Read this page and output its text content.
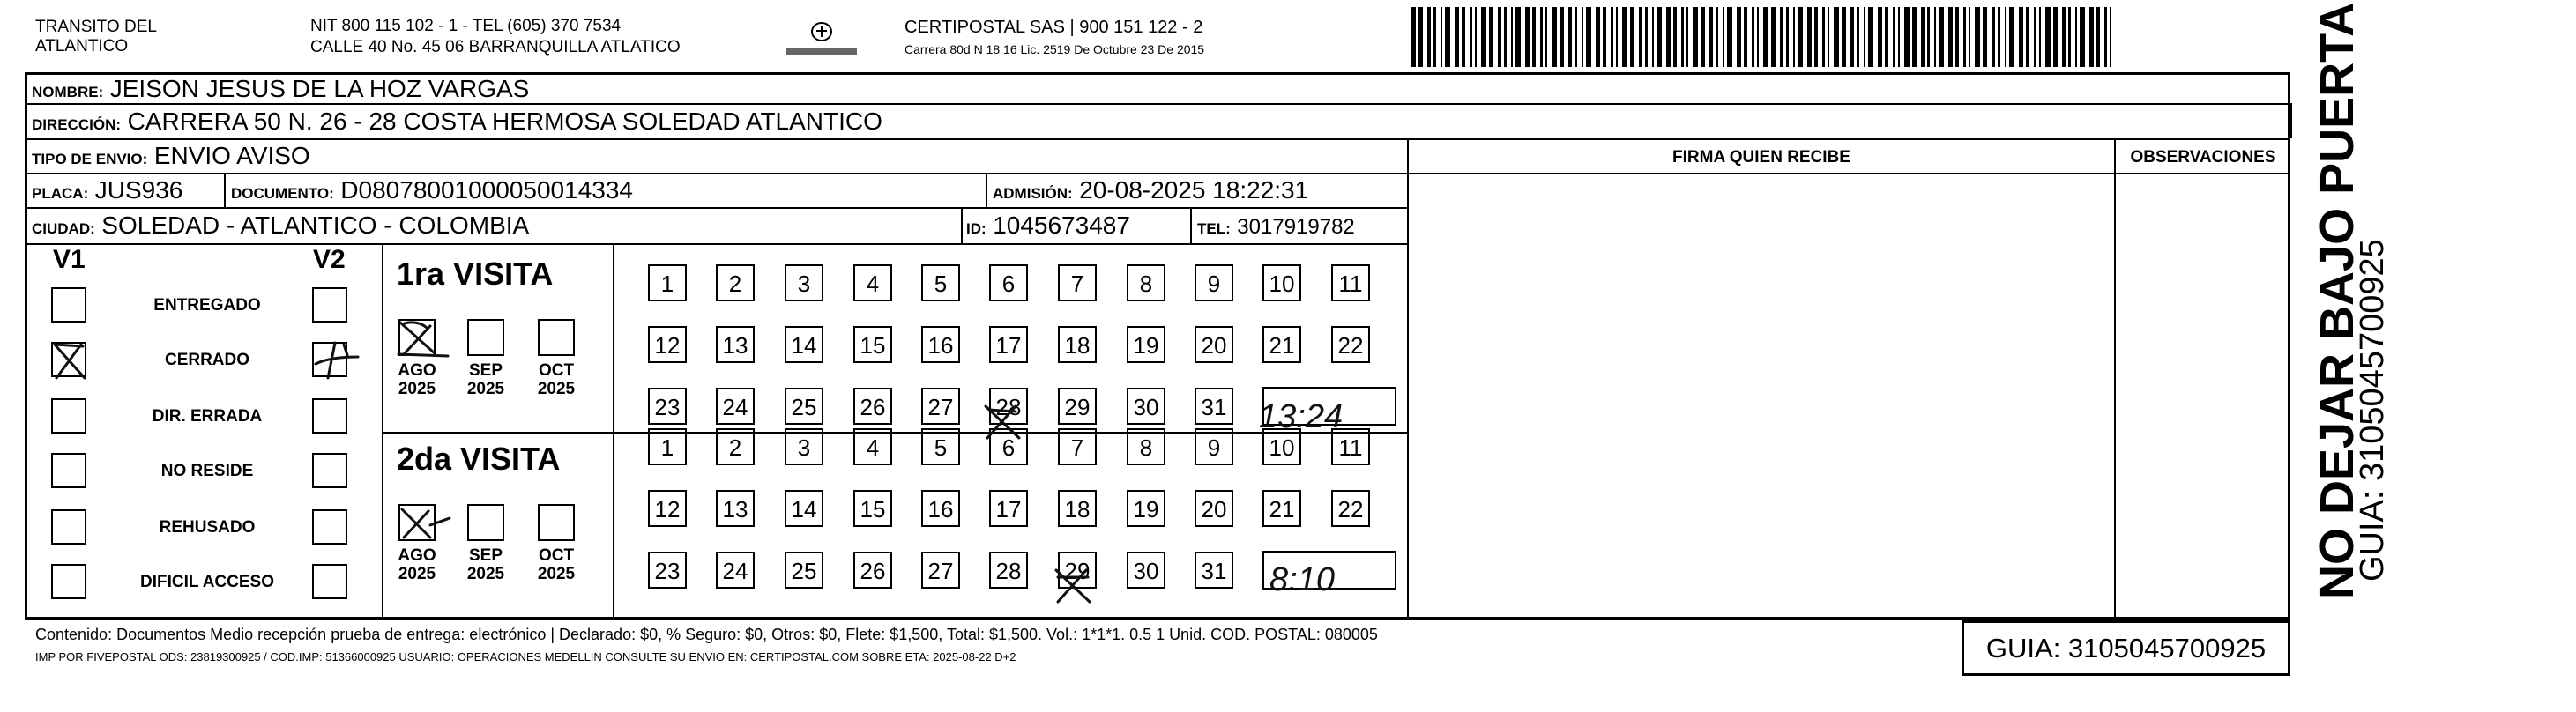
TRANSITO DEL
ATLANTICO
NIT 800 115 102 - 1 - TEL (605) 370 7534
CALLE 40 No. 45 06 BARRANQUILLA ATLATICO
CERTIPOSTAL SAS | 900 151 122 - 2
Carrera 80d N 18 16 Lic. 2519 De Octubre 23 De 2015
NOMBRE: JEISON JESUS DE LA HOZ VARGAS
DIRECCIÓN: CARRERA 50 N. 26 - 28 COSTA HERMOSA SOLEDAD ATLANTICO
TIPO DE ENVIO: ENVIO AVISO	FIRMA QUIEN RECIBE	OBSERVACIONES
PLACA: JUS936	DOCUMENTO: D08078001000050014334	ADMISIÓN: 20-08-2025 18:22:31
CIUDAD: SOLEDAD - ATLANTICO - COLOMBIA	ID: 1045673487	TEL: 3017919782
V1	V2
ENTREGADO
CERRADO
DIR. ERRADA
NO RESIDE
REHUSADO
DIFICIL ACCESO
1ra VISITA
2da VISITA
AGO
2025
SEP
2025
OCT
2025
AGO
2025
SEP
2025
OCT
2025
1	2	3	4	5	6	7	8	9	10	11
12 13 14 15 16 17 18 19 20 21 22
23 24 25 26 27 28 29 30 31
1	2	3	4	5	6	7	8	9	10	11
12 13 14 15 16 17 18 19 20 21 22
23 24 25 26 27 28 29 30 31
13:24
8:10
Contenido: Documentos Medio recepción prueba de entrega: electrónico | Declarado: $0, % Seguro: $0, Otros: $0, Flete: $1,500, Total: $1,500. Vol.: 1*1*1. 0.5 1 Unid. COD. POSTAL: 080005
IMP POR FIVEPOSTAL ODS: 23819300925 / COD.IMP: 51366000925 USUARIO: OPERACIONES MEDELLIN CONSULTE SU ENVIO EN: CERTIPOSTAL.COM SOBRE ETA: 2025-08-22 D+2	GUIA: 3105045700925
NO DEJAR BAJO PUERTA
GUIA: 3105045700925
